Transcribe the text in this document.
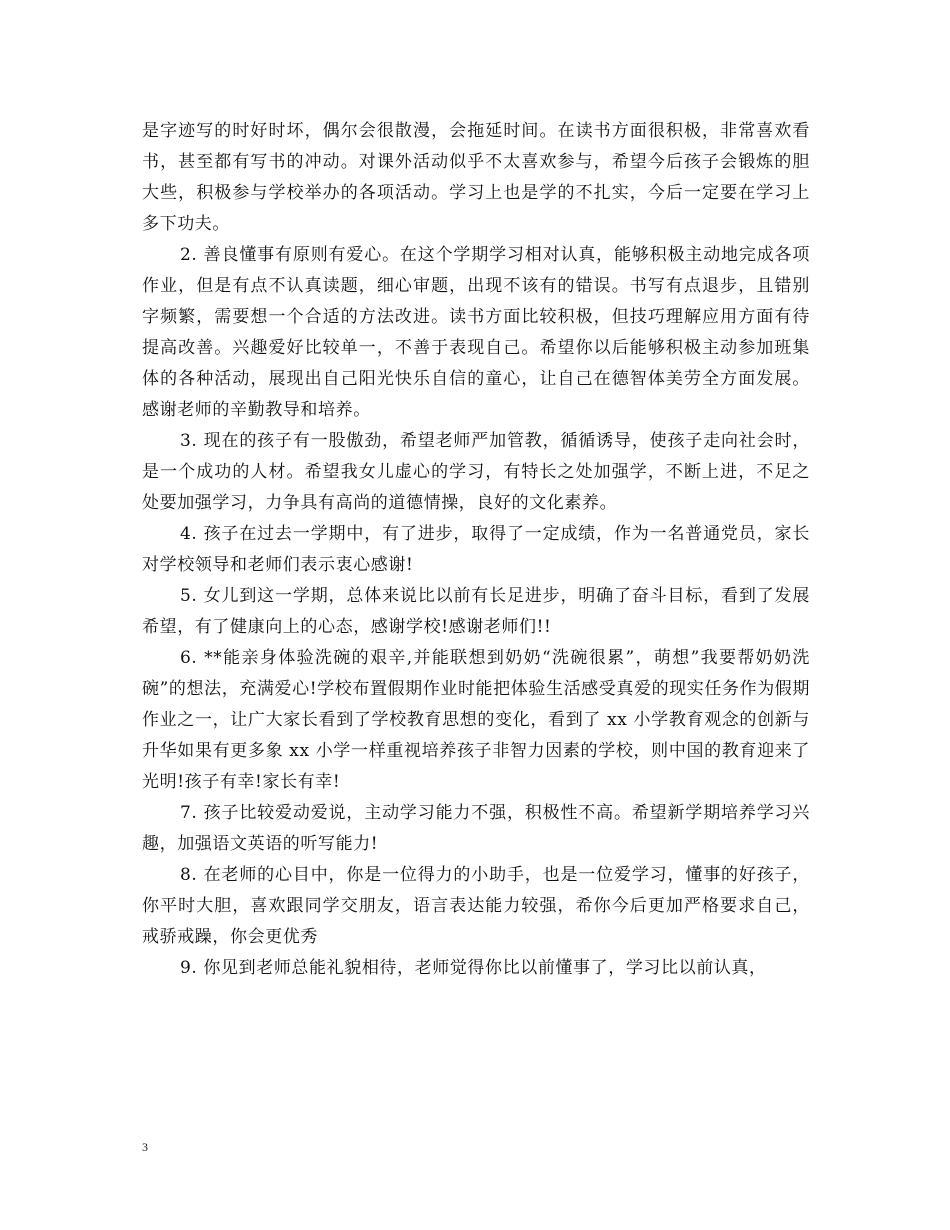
是字迹写的时好时坏，偶尔会很散漫，会拖延时间。在读书方面很积极，非常喜欢看书，甚至都有写书的冲动。对课外活动似乎不太喜欢参与，希望今后孩子会锻炼的胆大些，积极参与学校举办的各项活动。学习上也是学的不扎实，今后一定要在学习上多下功夫。

2. 善良懂事有原则有爱心。在这个学期学习相对认真，能够积极主动地完成各项作业，但是有点不认真读题，细心审题，出现不该有的错误。书写有点退步，且错别字频繁，需要想一个合适的方法改进。读书方面比较积极，但技巧理解应用方面有待提高改善。兴趣爱好比较单一，不善于表现自己。希望你以后能够积极主动参加班集体的各种活动，展现出自己阳光快乐自信的童心，让自己在德智体美劳全方面发展。感谢老师的辛勤教导和培养。

3. 现在的孩子有一股傲劲，希望老师严加管教，循循诱导，使孩子走向社会时，是一个成功的人材。希望我女儿虚心的学习，有特长之处加强学，不断上进，不足之处要加强学习，力争具有高尚的道德情操，良好的文化素养。

4. 孩子在过去一学期中，有了进步，取得了一定成绩，作为一名普通党员，家长对学校领导和老师们表示衷心感谢!

5. 女儿到这一学期，总体来说比以前有长足进步，明确了奋斗目标，看到了发展希望，有了健康向上的心态，感谢学校!感谢老师们!!

6. **能亲身体验洗碗的艰辛,并能联想到奶奶“洗碗很累”，萌想”我要帮奶奶洗碗”的想法，充满爱心!学校布置假期作业时能把体验生活感受真爱的现实任务作为假期作业之一，让广大家长看到了学校教育思想的变化，看到了 xx 小学教育观念的创新与升华如果有更多象 xx 小学一样重视培养孩子非智力因素的学校，则中国的教育迎来了光明!孩子有幸!家长有幸!

7. 孩子比较爱动爱说，主动学习能力不强，积极性不高。希望新学期培养学习兴趣，加强语文英语的听写能力!

8. 在老师的心目中，你是一位得力的小助手，也是一位爱学习，懂事的好孩子，你平时大胆，喜欢跟同学交朋友，语言表达能力较强，希你今后更加严格要求自己，戒骄戒躁，你会更优秀

9. 你见到老师总能礼貌相待，老师觉得你比以前懂事了，学习比以前认真，

3
